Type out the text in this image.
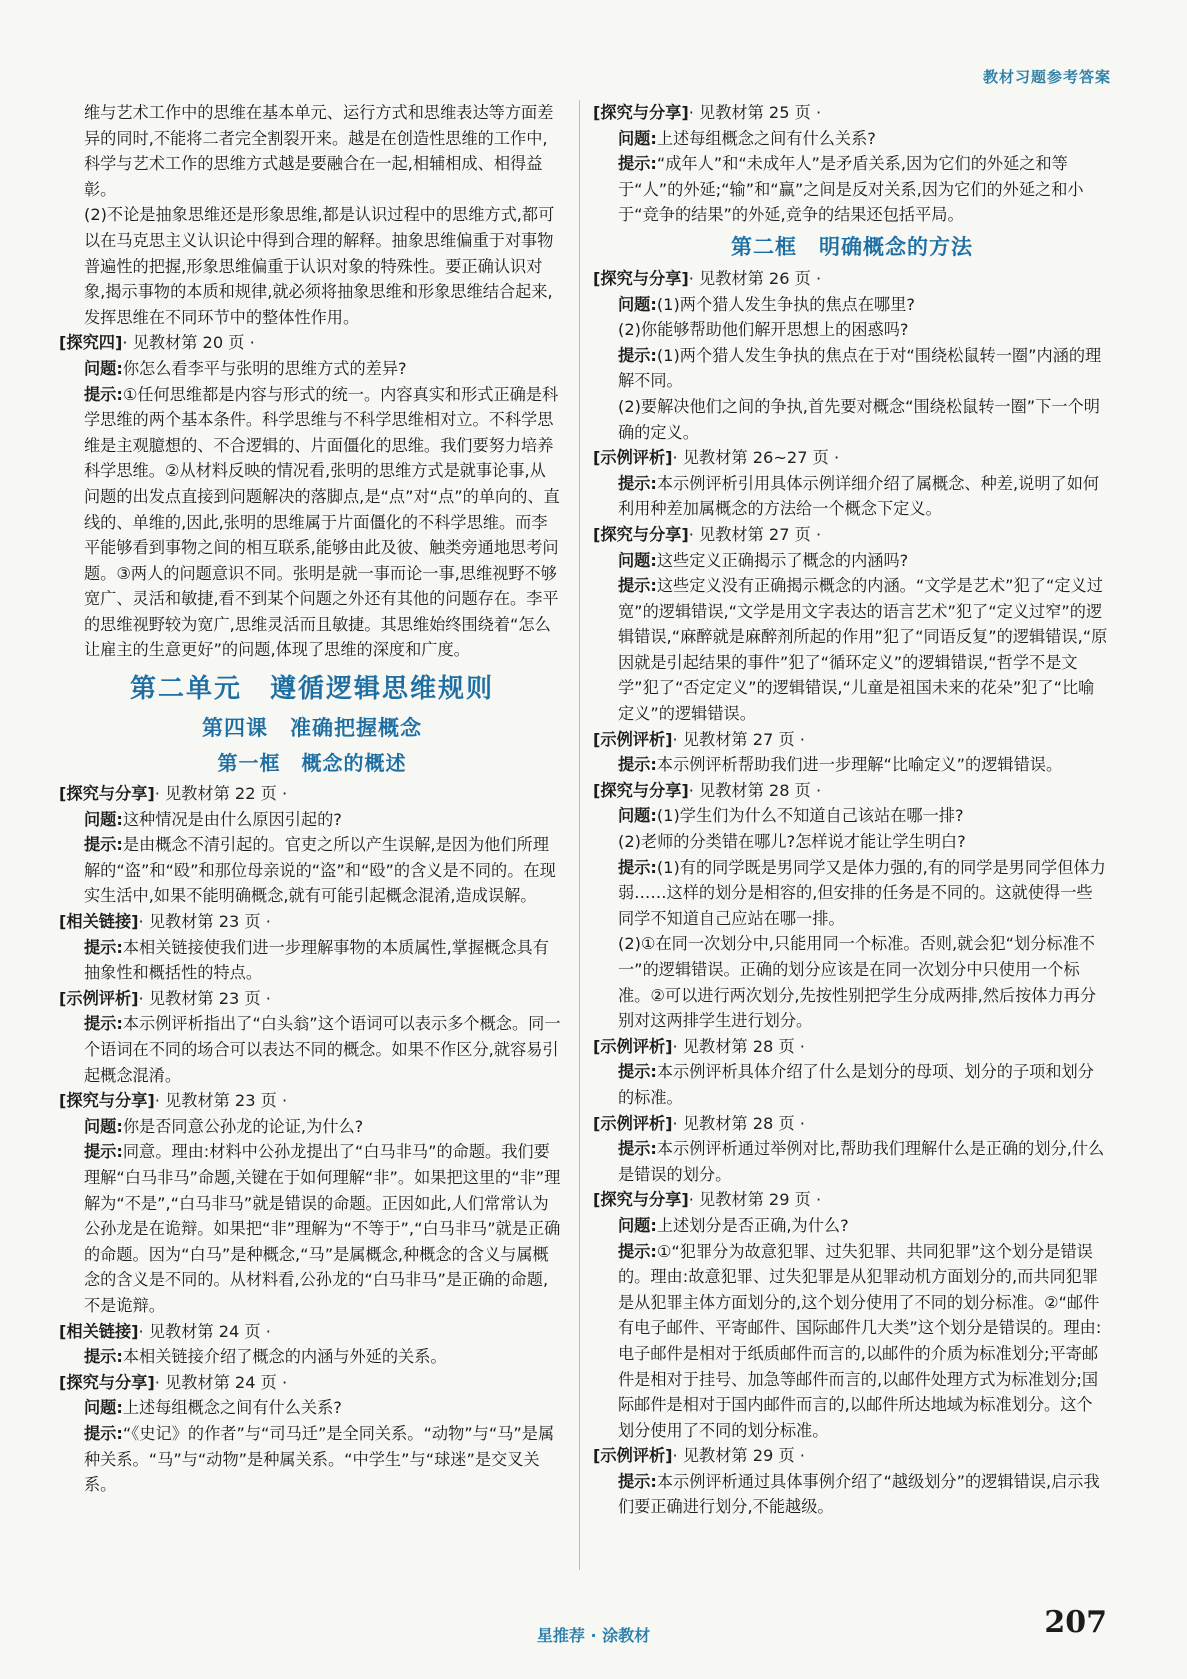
教材习题参考答案

维与艺术工作中的思维在基本单元、运行方式和思维表达等方面差异的同时,不能将二者完全割裂开来。越是在创造性思维的工作中,科学与艺术工作的思维方式越是要融合在一起,相辅相成、相得益彰。

(2)不论是抽象思维还是形象思维,都是认识过程中的思维方式,都可以在马克思主义认识论中得到合理的解释。抽象思维偏重于对事物普遍性的把握,形象思维偏重于认识对象的特殊性。要正确认识对象,揭示事物的本质和规律,就必须将抽象思维和形象思维结合起来,发挥思维在不同环节中的整体性作用。

[探究四]· 见教材第 20 页 ·

问题:你怎么看李平与张明的思维方式的差异?

提示:①任何思维都是内容与形式的统一。内容真实和形式正确是科学思维的两个基本条件。科学思维与不科学思维相对立。不科学思维是主观臆想的、不合逻辑的、片面僵化的思维。我们要努力培养科学思维。②从材料反映的情况看,张明的思维方式是就事论事,从问题的出发点直接到问题解决的落脚点,是“点”对“点”的单向的、直线的、单维的,因此,张明的思维属于片面僵化的不科学思维。而李平能够看到事物之间的相互联系,能够由此及彼、触类旁通地思考问题。③两人的问题意识不同。张明是就一事而论一事,思维视野不够宽广、灵活和敏捷,看不到某个问题之外还有其他的问题存在。李平的思维视野较为宽广,思维灵活而且敏捷。其思维始终围绕着“怎么让雇主的生意更好”的问题,体现了思维的深度和广度。

第二单元　遵循逻辑思维规则
第四课　准确把握概念
第一框　概念的概述

[探究与分享]· 见教材第 22 页 ·

问题:这种情况是由什么原因引起的?

提示:是由概念不清引起的。官吏之所以产生误解,是因为他们所理解的“盗”和“殴”和那位母亲说的“盗”和“殴”的含义是不同的。在现实生活中,如果不能明确概念,就有可能引起概念混淆,造成误解。

[相关链接]· 见教材第 23 页 ·

提示:本相关链接使我们进一步理解事物的本质属性,掌握概念具有抽象性和概括性的特点。

[示例评析]· 见教材第 23 页 ·

提示:本示例评析指出了“白头翁”这个语词可以表示多个概念。同一个语词在不同的场合可以表达不同的概念。如果不作区分,就容易引起概念混淆。

[探究与分享]· 见教材第 23 页 ·

问题:你是否同意公孙龙的论证,为什么?

提示:同意。理由:材料中公孙龙提出了“白马非马”的命题。我们要理解“白马非马”命题,关键在于如何理解“非”。如果把这里的“非”理解为“不是”,“白马非马”就是错误的命题。正因如此,人们常常认为公孙龙是在诡辩。如果把“非”理解为“不等于”,“白马非马”就是正确的命题。因为“白马”是种概念,“马”是属概念,种概念的含义与属概念的含义是不同的。从材料看,公孙龙的“白马非马”是正确的命题,不是诡辩。

[相关链接]· 见教材第 24 页 ·

提示:本相关链接介绍了概念的内涵与外延的关系。

[探究与分享]· 见教材第 24 页 ·

问题:上述每组概念之间有什么关系?

提示:“《史记》的作者”与“司马迁”是全同关系。“动物”与“马”是属种关系。“马”与“动物”是种属关系。“中学生”与“球迷”是交叉关系。

[探究与分享]· 见教材第 25 页 ·

问题:上述每组概念之间有什么关系?

提示:“成年人”和“未成年人”是矛盾关系,因为它们的外延之和等于“人”的外延;“输”和“赢”之间是反对关系,因为它们的外延之和小于“竞争的结果”的外延,竞争的结果还包括平局。

第二框　明确概念的方法

[探究与分享]· 见教材第 26 页 ·

问题:(1)两个猎人发生争执的焦点在哪里?

(2)你能够帮助他们解开思想上的困惑吗?

提示:(1)两个猎人发生争执的焦点在于对“围绕松鼠转一圈”内涵的理解不同。

(2)要解决他们之间的争执,首先要对概念“围绕松鼠转一圈”下一个明确的定义。

[示例评析]· 见教材第 26~27 页 ·

提示:本示例评析引用具体示例详细介绍了属概念、种差,说明了如何利用种差加属概念的方法给一个概念下定义。

[探究与分享]· 见教材第 27 页 ·

问题:这些定义正确揭示了概念的内涵吗?

提示:这些定义没有正确揭示概念的内涵。“文学是艺术”犯了“定义过宽”的逻辑错误,“文学是用文字表达的语言艺术”犯了“定义过窄”的逻辑错误,“麻醉就是麻醉剂所起的作用”犯了“同语反复”的逻辑错误,“原因就是引起结果的事件”犯了“循环定义”的逻辑错误,“哲学不是文学”犯了“否定定义”的逻辑错误,“儿童是祖国未来的花朵”犯了“比喻定义”的逻辑错误。

[示例评析]· 见教材第 27 页 ·

提示:本示例评析帮助我们进一步理解“比喻定义”的逻辑错误。

[探究与分享]· 见教材第 28 页 ·

问题:(1)学生们为什么不知道自己该站在哪一排?

(2)老师的分类错在哪儿?怎样说才能让学生明白?

提示:(1)有的同学既是男同学又是体力强的,有的同学是男同学但体力弱……这样的划分是相容的,但安排的任务是不同的。这就使得一些同学不知道自己应站在哪一排。

(2)①在同一次划分中,只能用同一个标准。否则,就会犯“划分标准不一”的逻辑错误。正确的划分应该是在同一次划分中只使用一个标准。②可以进行两次划分,先按性别把学生分成两排,然后按体力再分别对这两排学生进行划分。

[示例评析]· 见教材第 28 页 ·

提示:本示例评析具体介绍了什么是划分的母项、划分的子项和划分的标准。

[示例评析]· 见教材第 28 页 ·

提示:本示例评析通过举例对比,帮助我们理解什么是正确的划分,什么是错误的划分。

[探究与分享]· 见教材第 29 页 ·

问题:上述划分是否正确,为什么?

提示:①“犯罪分为故意犯罪、过失犯罪、共同犯罪”这个划分是错误的。理由:故意犯罪、过失犯罪是从犯罪动机方面划分的,而共同犯罪是从犯罪主体方面划分的,这个划分使用了不同的划分标准。②“邮件有电子邮件、平寄邮件、国际邮件几大类”这个划分是错误的。理由:电子邮件是相对于纸质邮件而言的,以邮件的介质为标准划分;平寄邮件是相对于挂号、加急等邮件而言的,以邮件处理方式为标准划分;国际邮件是相对于国内邮件而言的,以邮件所达地域为标准划分。这个划分使用了不同的划分标准。

[示例评析]· 见教材第 29 页 ·

提示:本示例评析通过具体事例介绍了“越级划分”的逻辑错误,启示我们要正确进行划分,不能越级。

星推荐 · 涂教材	207
